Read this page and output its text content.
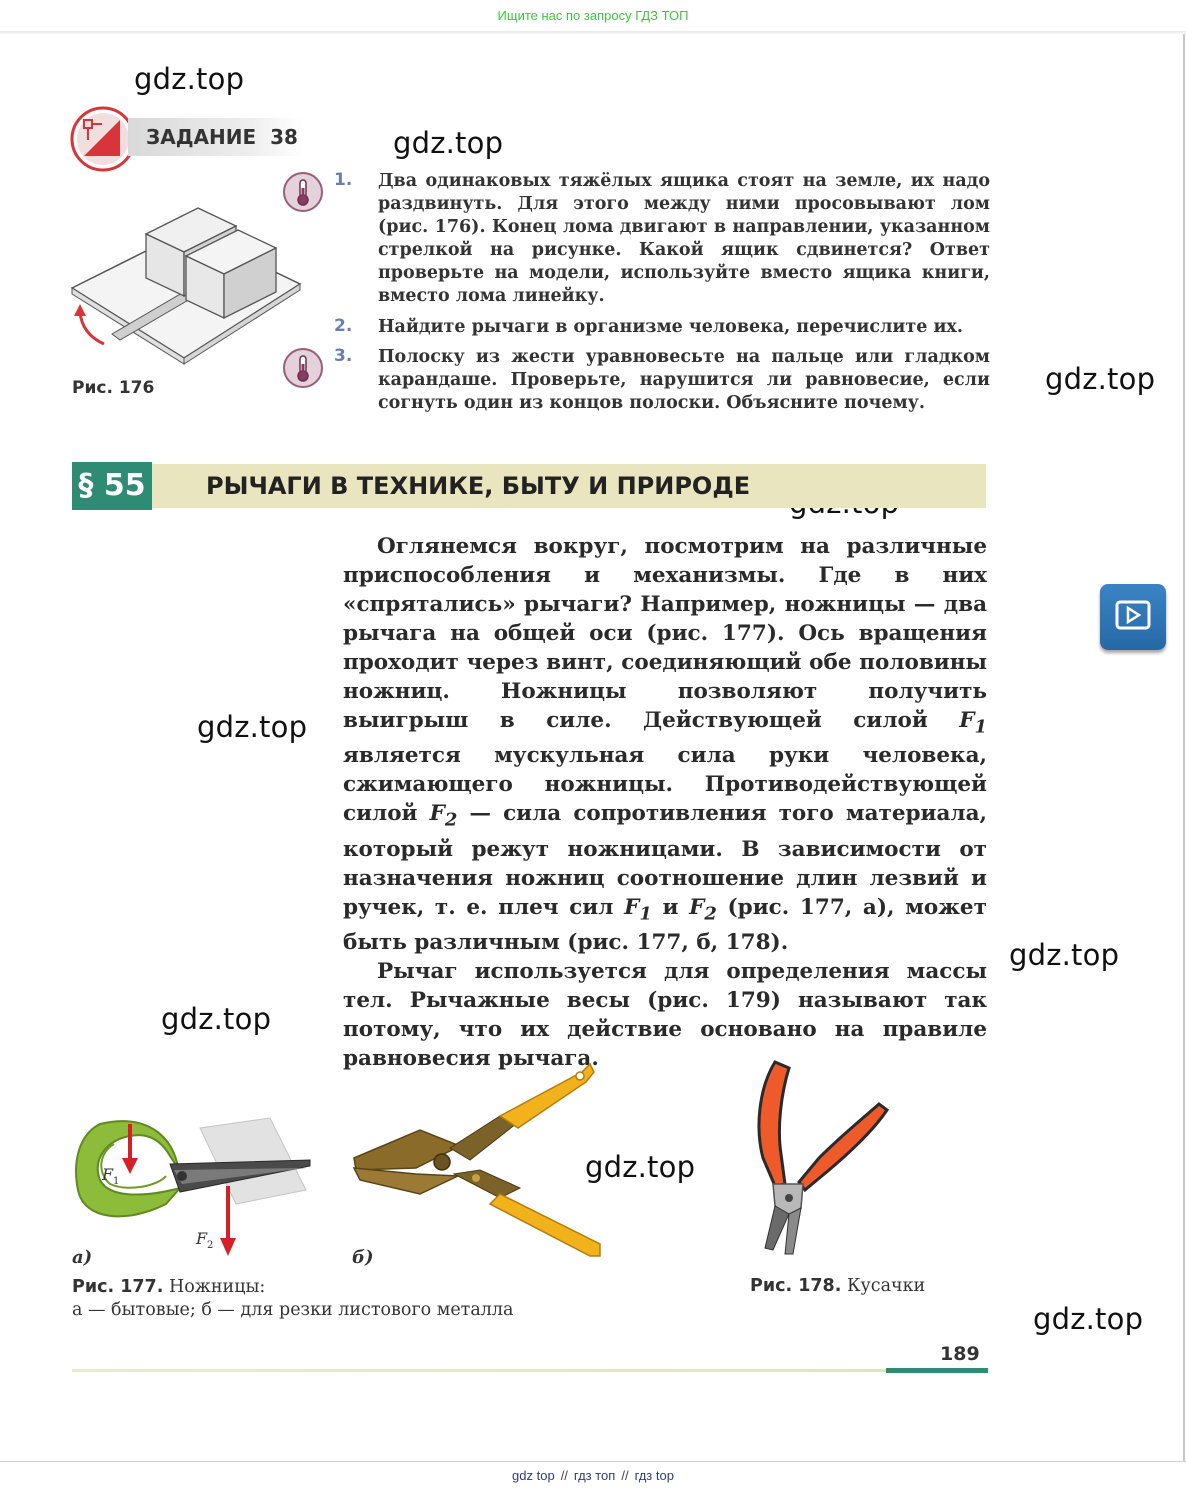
Ищите нас по запросу ГДЗ ТОП
gdz.top
gdz.top
gdz.top
gdz.top
gdz.top
gdz.top
gdz.top
gdz.top
ЗАДАНИЕ 38
Рис. 176
1. Два одинаковых тяжёлых ящика стоят на земле, их надо раздвинуть. Для этого между ними просовывают лом (рис. 176). Конец лома двигают в направлении, указанном стрелкой на рисунке. Какой ящик сдвинется? Ответ проверьте на модели, используйте вместо ящика книги, вместо лома линейку.
2. Найдите рычаги в организме человека, перечислите их.
3. Полоску из жести уравновесьте на пальце или гладком карандаше. Проверьте, нарушится ли равновесие, если согнуть один из концов полоски. Объясните почему.
§ 55	РЫЧАГИ В ТЕХНИКЕ, БЫТУ И ПРИРОДЕ

Оглянемся вокруг, посмотрим на различные приспособления и механизмы. Где в них «спрятались» рычаги? Например, ножницы — два рычага на общей оси (рис. 177). Ось вращения проходит через винт, соединяющий обе половины ножниц. Ножницы позволяют получить выигрыш в силе. Действующей силой $F_1$ является мускульная сила руки человека, сжимающего ножницы. Противодействующей силой $F_2$ — сила сопротивления того материала, который режут ножницами. В зависимости от назначения ножниц соотношение длин лезвий и ручек, т. е. плеч сил $F_1$ и $F_2$ (рис. 177, а), может быть различным (рис. 177, б, 178).

Рычаг используется для определения массы тел. Рычажные весы (рис. 179) называют так потому, что их действие основано на правиле равновесия рычага.

F 1
F 2
а)	б)
Рис. 177. Ножницы:
а — бытовые; б — для резки листового металла
Рис. 178. Кусачки
189
gdz top // гдз топ // гдз top
